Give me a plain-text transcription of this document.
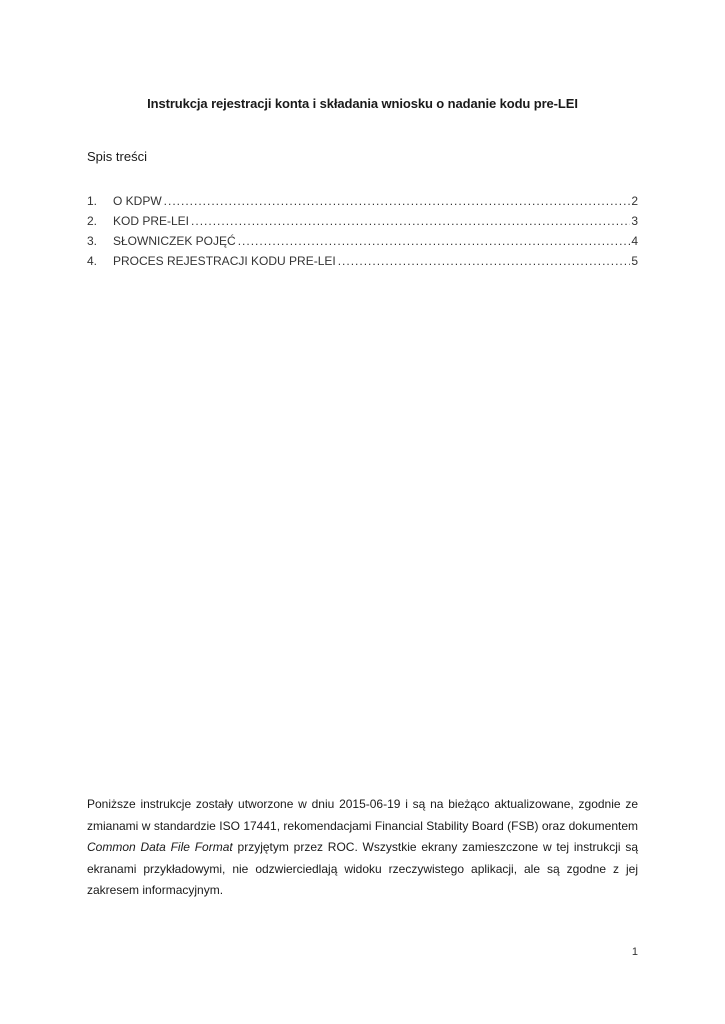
Instrukcja rejestracji konta i składania wniosku o nadanie kodu pre-LEI
Spis treści
1.	O KDPW .....	2
2.	KOD PRE-LEI .....	3
3.	SŁOWNICZEK POJĘĆ .....	4
4.	PROCES REJESTRACJI KODU PRE-LEI .....	5

Poniższe instrukcje zostały utworzone w dniu 2015-06-19 i są na bieżąco aktualizowane, zgodnie ze zmianami w standardzie ISO 17441, rekomendacjami Financial Stability Board (FSB) oraz dokumentem Common Data File Format przyjętym przez ROC. Wszystkie ekrany zamieszczone w tej instrukcji są ekranami przykładowymi, nie odzwierciedlają widoku rzeczywistego aplikacji, ale są zgodne z jej zakresem informacyjnym.

1
